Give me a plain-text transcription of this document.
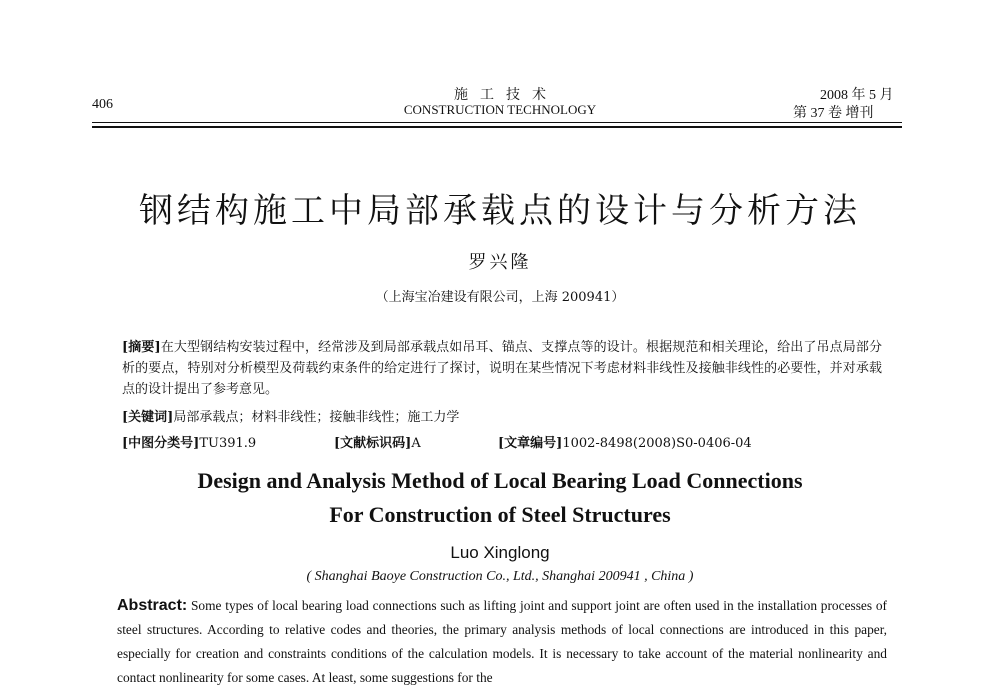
406
施工技术
CONSTRUCTION TECHNOLOGY
2008 年 5 月
第 37 卷 增刊
钢结构施工中局部承载点的设计与分析方法
罗兴隆
（上海宝冶建设有限公司，上海 200941）
[摘要]在大型钢结构安装过程中，经常涉及到局部承载点如吊耳、锚点、支撑点等的设计。根据规范和相关理论，给出了吊点局部分析的要点，特别对分析模型及荷载约束条件的给定进行了探讨，说明在某些情况下考虑材料非线性及接触非线性的必要性，并对承载点的设计提出了参考意见。
[关键词]局部承载点；材料非线性；接触非线性；施工力学
[中图分类号]TU391.9	[文献标识码]A	[文章编号]1002-8498(2008)S0-0406-04
Design and Analysis Method of Local Bearing Load Connections
For Construction of Steel Structures
Luo Xinglong
( Shanghai Baoye Construction Co., Ltd., Shanghai 200941 , China )
Abstract: Some types of local bearing load connections such as lifting joint and support joint are often used in the installation processes of steel structures. According to relative codes and theories, the primary analysis methods of local connections are introduced in this paper, especially for creation and constraints conditions of the calculation models. It is necessary to take account of the material nonlinearity and contact nonlinearity for some cases. At least, some suggestions for the
